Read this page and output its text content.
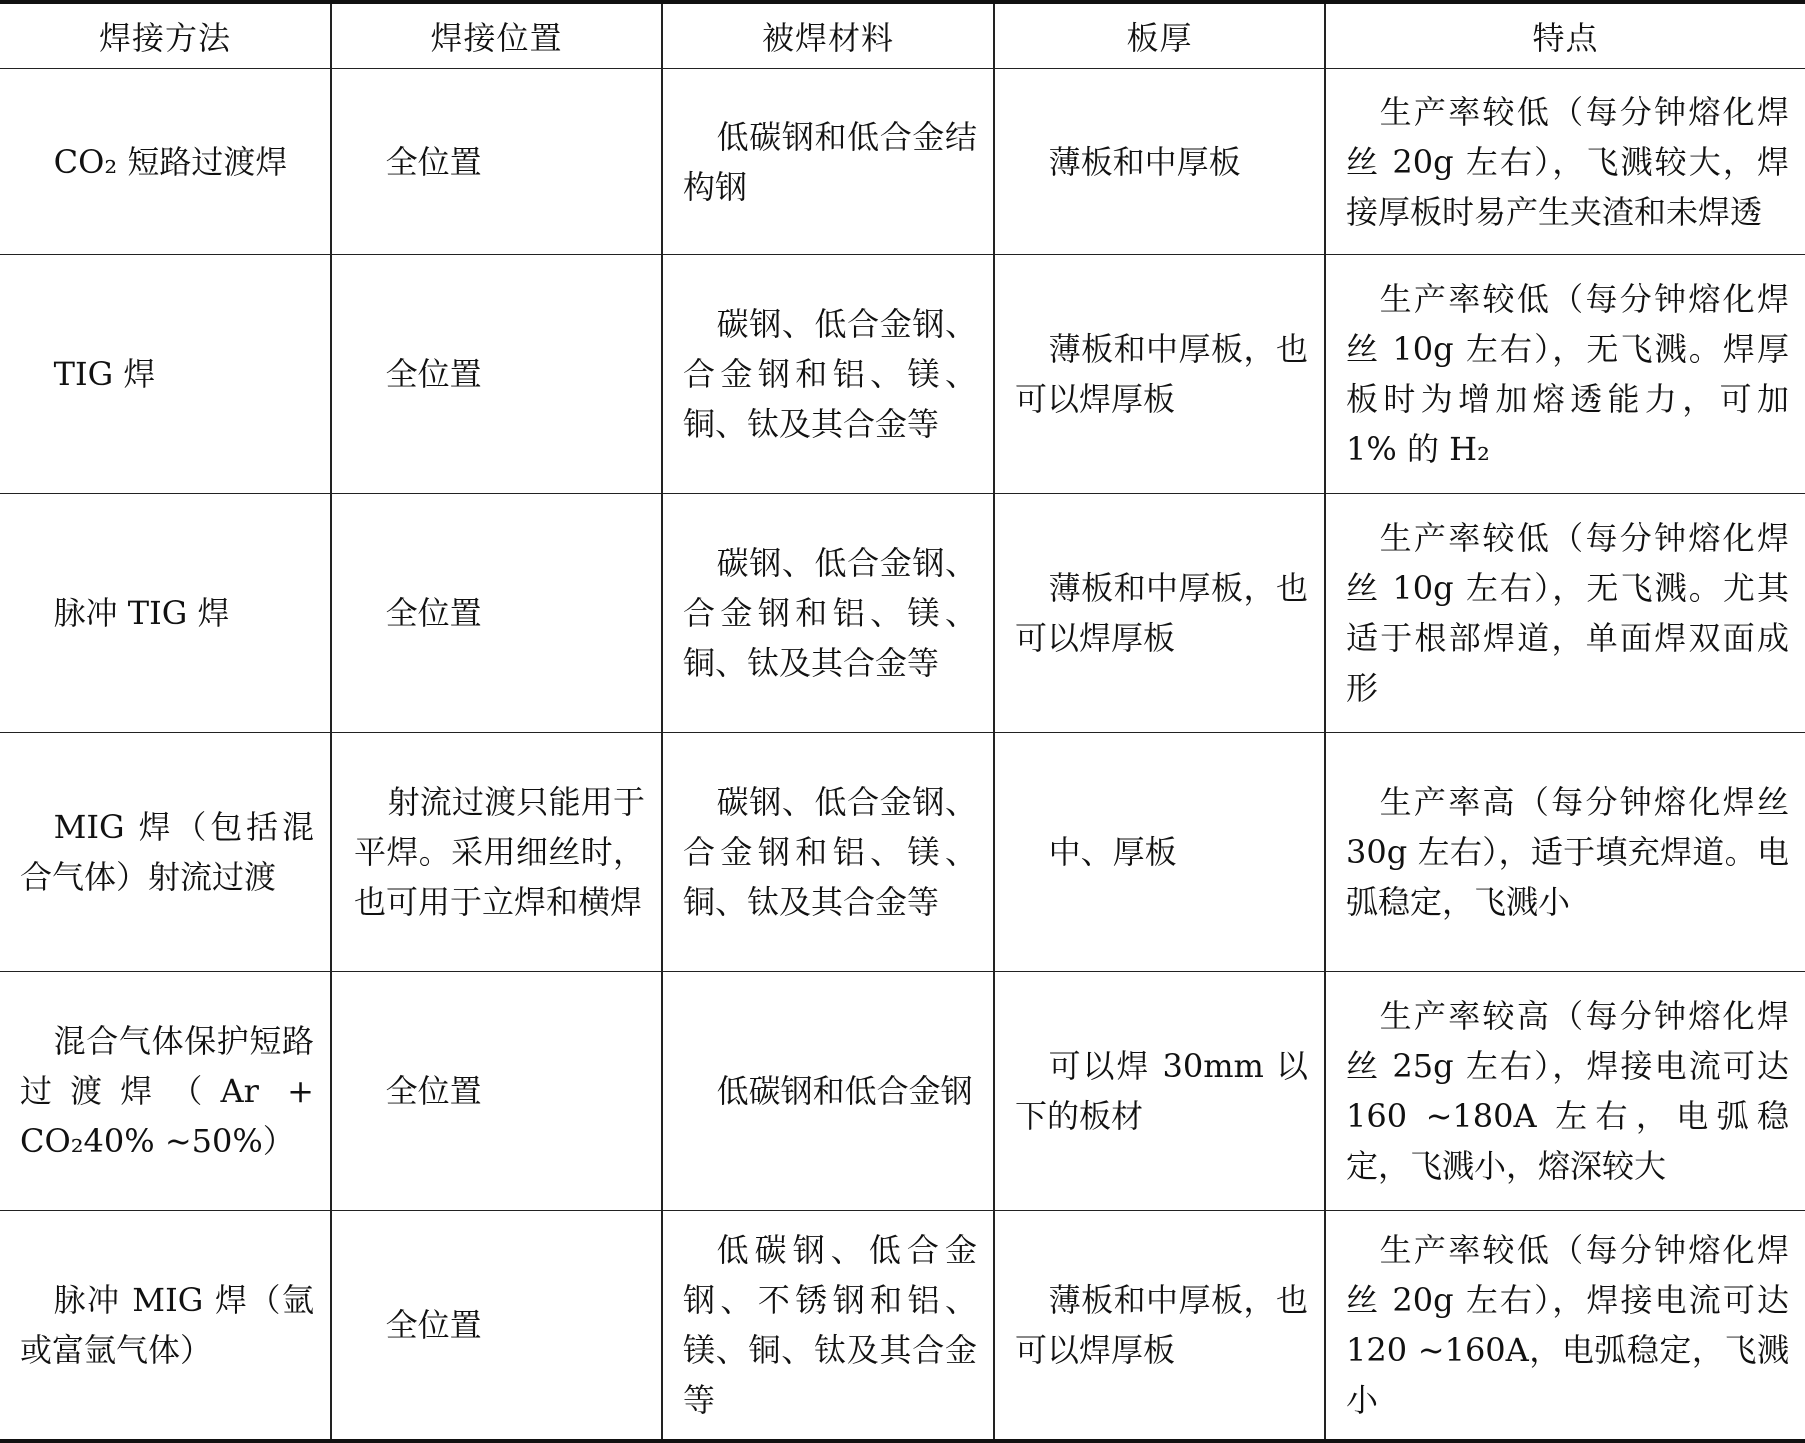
焊接方法	焊接位置	被焊材料	板厚	特点

CO₂ 短路过渡焊	全位置	低碳钢和低合金结构钢	薄板和中厚板	生产率较低（每分钟熔化焊丝 20g 左右），飞溅较大，焊接厚板时易产生夹渣和未焊透

TIG 焊	全位置	碳钢、低合金钢、合金钢和铝、镁、铜、钛及其合金等	薄板和中厚板，也可以焊厚板	生产率较低（每分钟熔化焊丝 10g 左右），无飞溅。焊厚板时为增加熔透能力，可加 1% 的 H₂

脉冲 TIG 焊	全位置	碳钢、低合金钢、合金钢和铝、镁、铜、钛及其合金等	薄板和中厚板，也可以焊厚板	生产率较低（每分钟熔化焊丝 10g 左右），无飞溅。尤其适于根部焊道，单面焊双面成形

MIG 焊（包括混合气体）射流过渡	射流过渡只能用于平焊。采用细丝时，也可用于立焊和横焊	碳钢、低合金钢、合金钢和铝、镁、铜、钛及其合金等	中、厚板	生产率高（每分钟熔化焊丝 30g 左右），适于填充焊道。电弧稳定，飞溅小

混合气体保护短路过渡焊（Ar + CO₂40% ~50%）	全位置	低碳钢和低合金钢	可以焊 30mm 以下的板材	生产率较高（每分钟熔化焊丝 25g 左右），焊接电流可达 160 ~180A 左右，电弧稳定，飞溅小，熔深较大

脉冲 MIG 焊（氩或富氩气体）	全位置	低碳钢、低合金钢、不锈钢和铝、镁、铜、钛及其合金等	薄板和中厚板，也可以焊厚板	生产率较低（每分钟熔化焊丝 20g 左右），焊接电流可达 120 ~160A，电弧稳定，飞溅小
